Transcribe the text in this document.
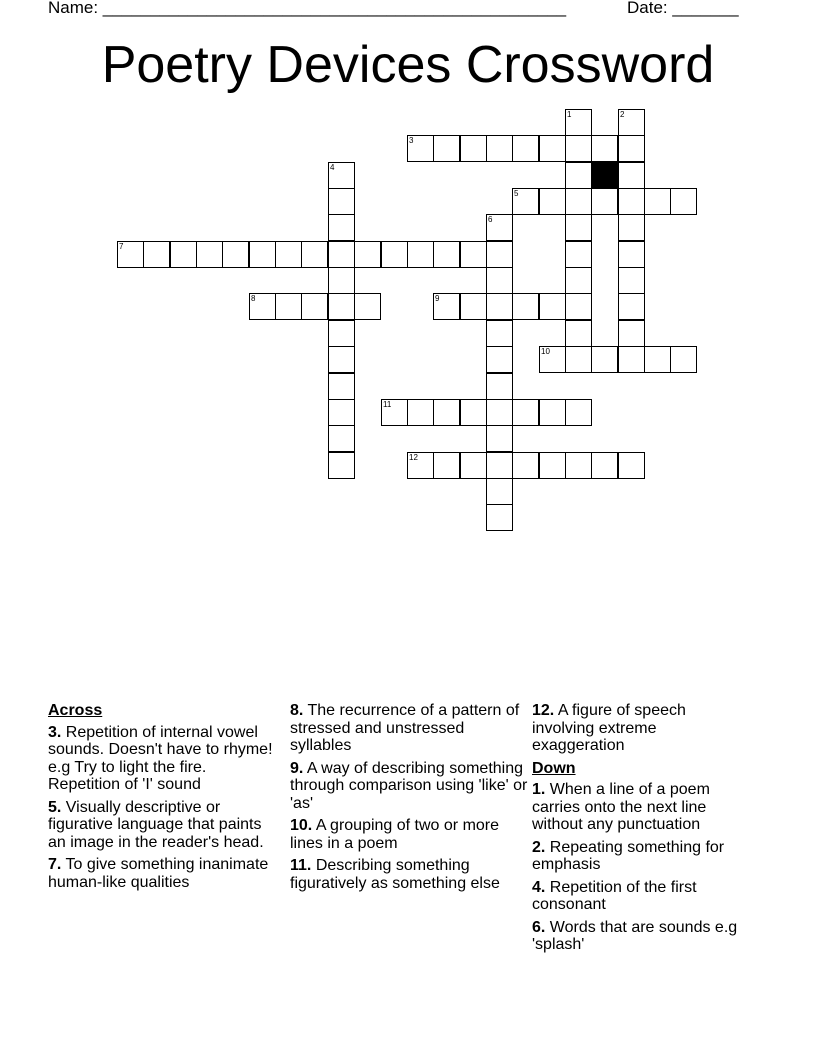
Name: _________________________________________________	Date: _______
Poetry Devices Crossword
1	2
3
4
5
6
7
8	9
10
11
12
Across
3. Repetition of internal vowel sounds. Doesn't have to rhyme! e.g Try to light the fire. Repetition of 'I' sound
5. Visually descriptive or figurative language that paints an image in the reader's head.
7. To give something inanimate human-like qualities
8. The recurrence of a pattern of stressed and unstressed syllables
9. A way of describing something through comparison using 'like' or 'as'
10. A grouping of two or more lines in a poem
11. Describing something figuratively as something else
12. A figure of speech involving extreme exaggeration
Down
1. When a line of a poem carries onto the next line without any punctuation
2. Repeating something for emphasis
4. Repetition of the first consonant
6. Words that are sounds e.g 'splash'
